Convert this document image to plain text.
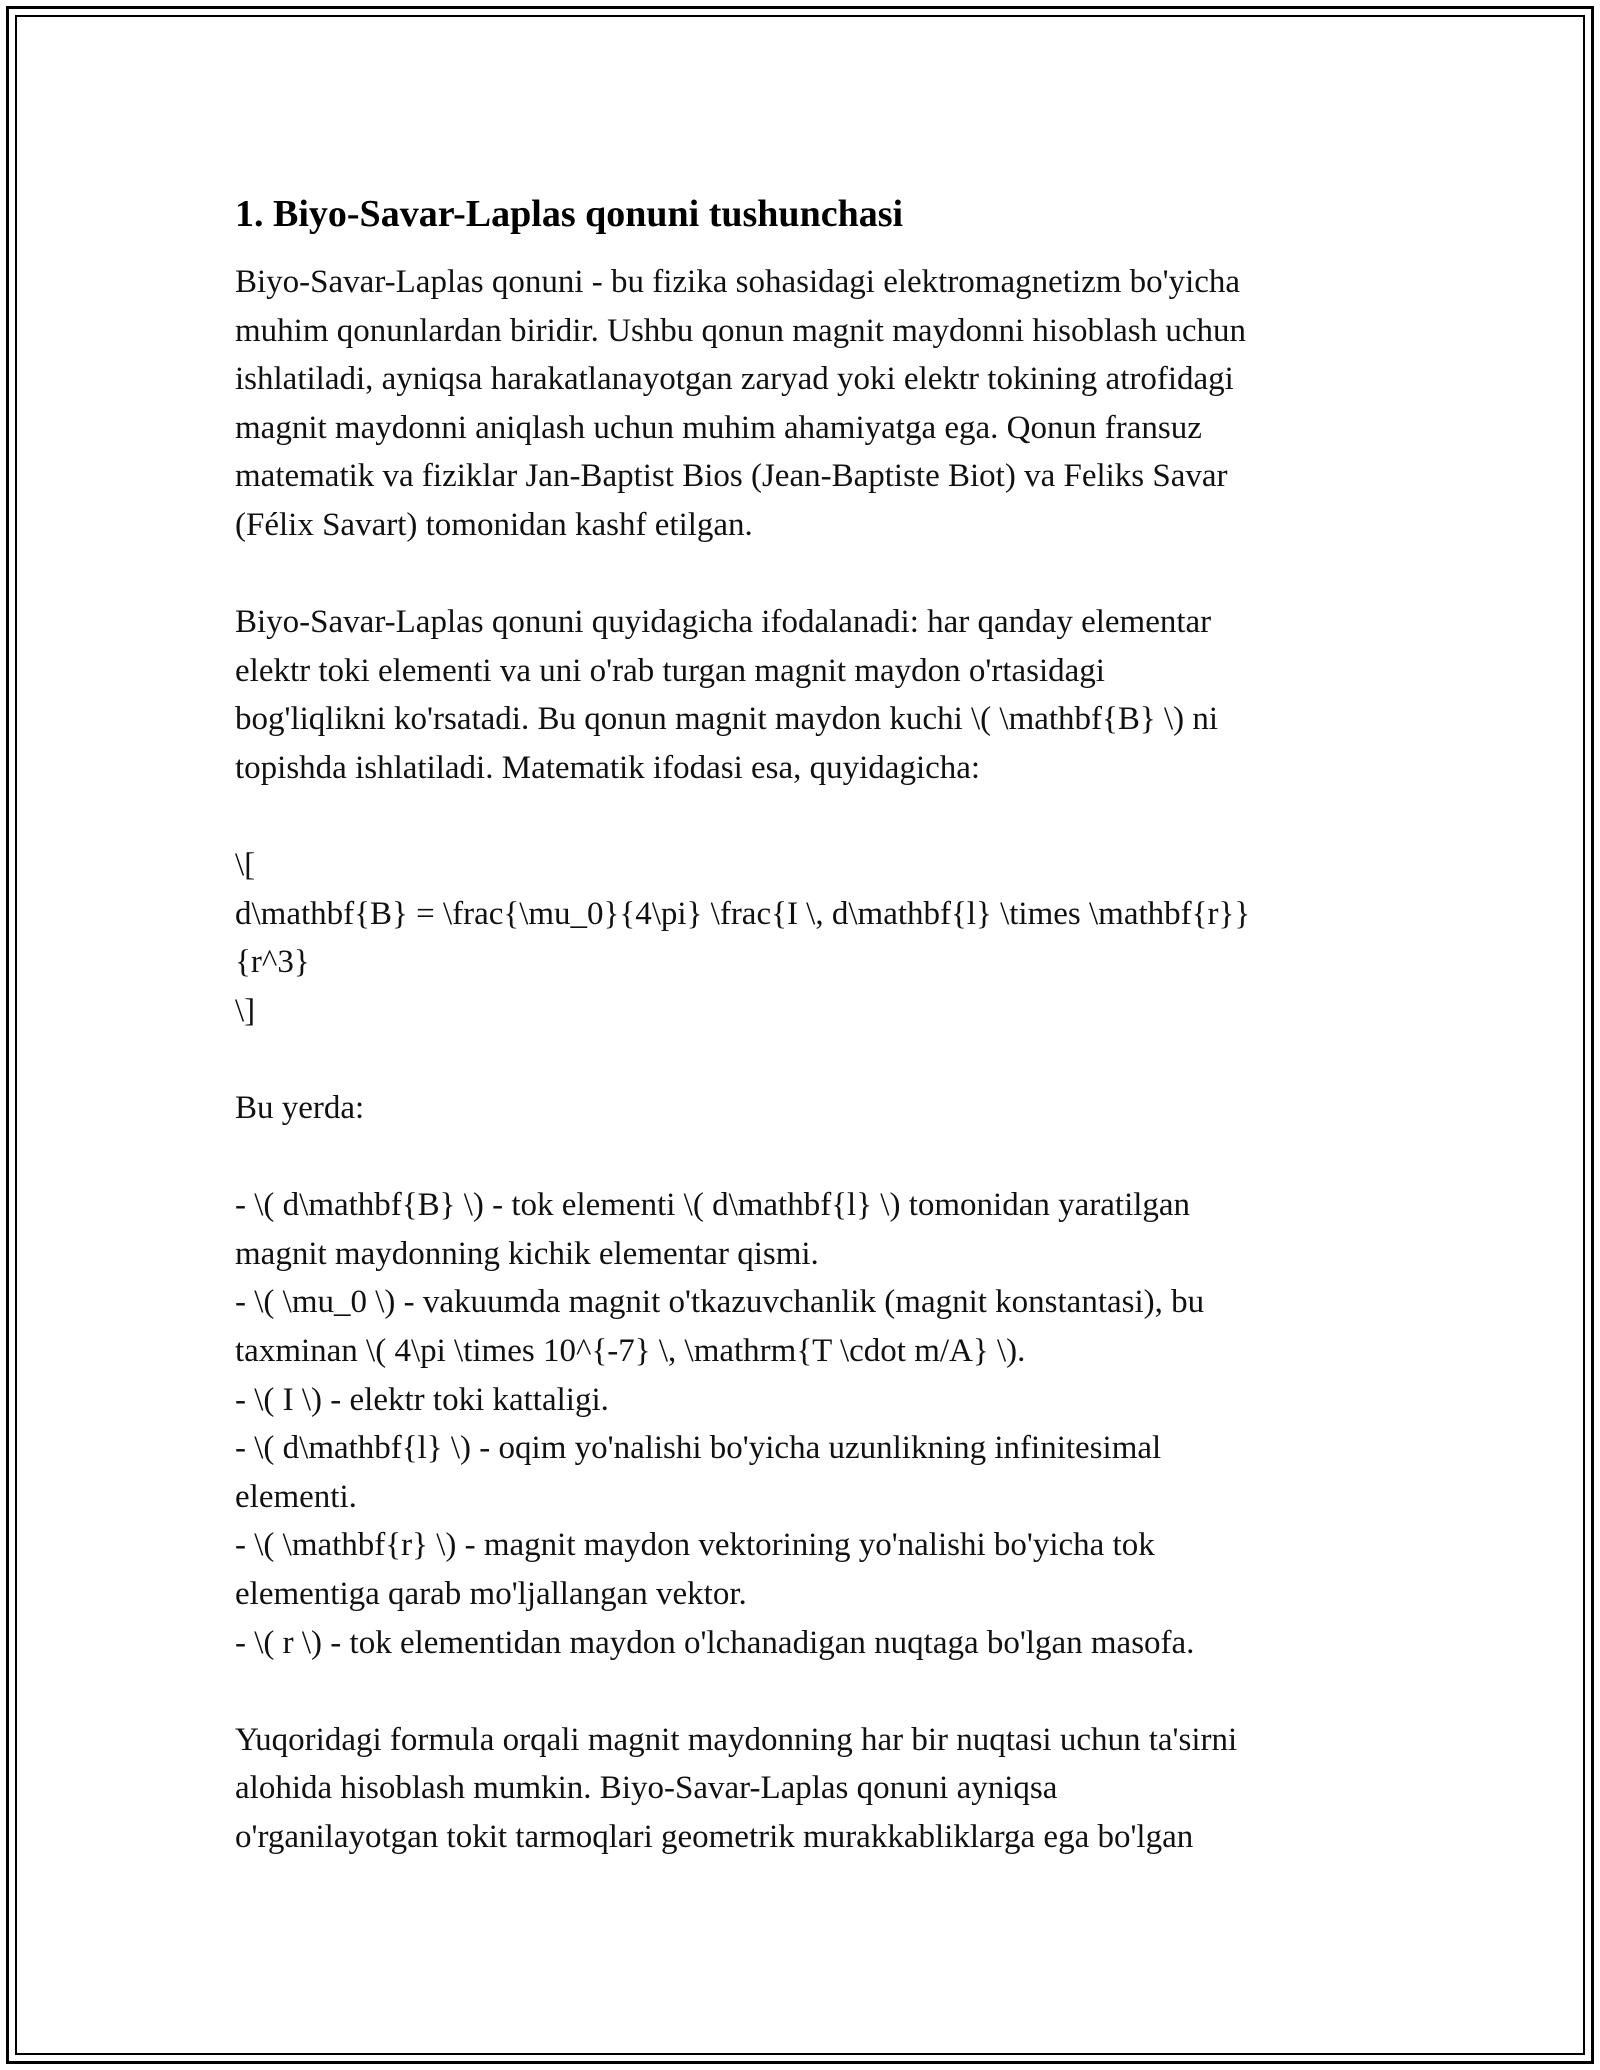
1. Biyo-Savar-Laplas qonuni tushunchasi
Biyo-Savar-Laplas qonuni - bu fizika sohasidagi elektromagnetizm bo'yicha
muhim qonunlardan biridir. Ushbu qonun magnit maydonni hisoblash uchun
ishlatiladi, ayniqsa harakatlanayotgan zaryad yoki elektr tokining atrofidagi
magnit maydonni aniqlash uchun muhim ahamiyatga ega. Qonun fransuz
matematik va fiziklar Jan-Baptist Bios (Jean-Baptiste Biot) va Feliks Savar
(Félix Savart) tomonidan kashf etilgan.
Biyo-Savar-Laplas qonuni quyidagicha ifodalanadi: har qanday elementar
elektr toki elementi va uni o'rab turgan magnit maydon o'rtasidagi
bog'liqlikni ko'rsatadi. Bu qonun magnit maydon kuchi \( \mathbf{B} \) ni
topishda ishlatiladi. Matematik ifodasi esa, quyidagicha:
\[
d\mathbf{B} = \frac{\mu_0}{4\pi} \frac{I \, d\mathbf{l} \times \mathbf{r}}
{r^3}
\]
Bu yerda:
- \( d\mathbf{B} \) - tok elementi \( d\mathbf{l} \) tomonidan yaratilgan
magnit maydonning kichik elementar qismi.
- \( \mu_0 \) - vakuumda magnit o'tkazuvchanlik (magnit konstantasi), bu
taxminan \( 4\pi \times 10^{-7} \, \mathrm{T \cdot m/A} \).
- \( I \) - elektr toki kattaligi.
- \( d\mathbf{l} \) - oqim yo'nalishi bo'yicha uzunlikning infinitesimal
elementi.
- \( \mathbf{r} \) - magnit maydon vektorining yo'nalishi bo'yicha tok
elementiga qarab mo'ljallangan vektor.
- \( r \) - tok elementidan maydon o'lchanadigan nuqtaga bo'lgan masofa.
Yuqoridagi formula orqali magnit maydonning har bir nuqtasi uchun ta'sirni
alohida hisoblash mumkin. Biyo-Savar-Laplas qonuni ayniqsa
o'rganilayotgan tokit tarmoqlari geometrik murakkabliklarga ega bo'lgan
